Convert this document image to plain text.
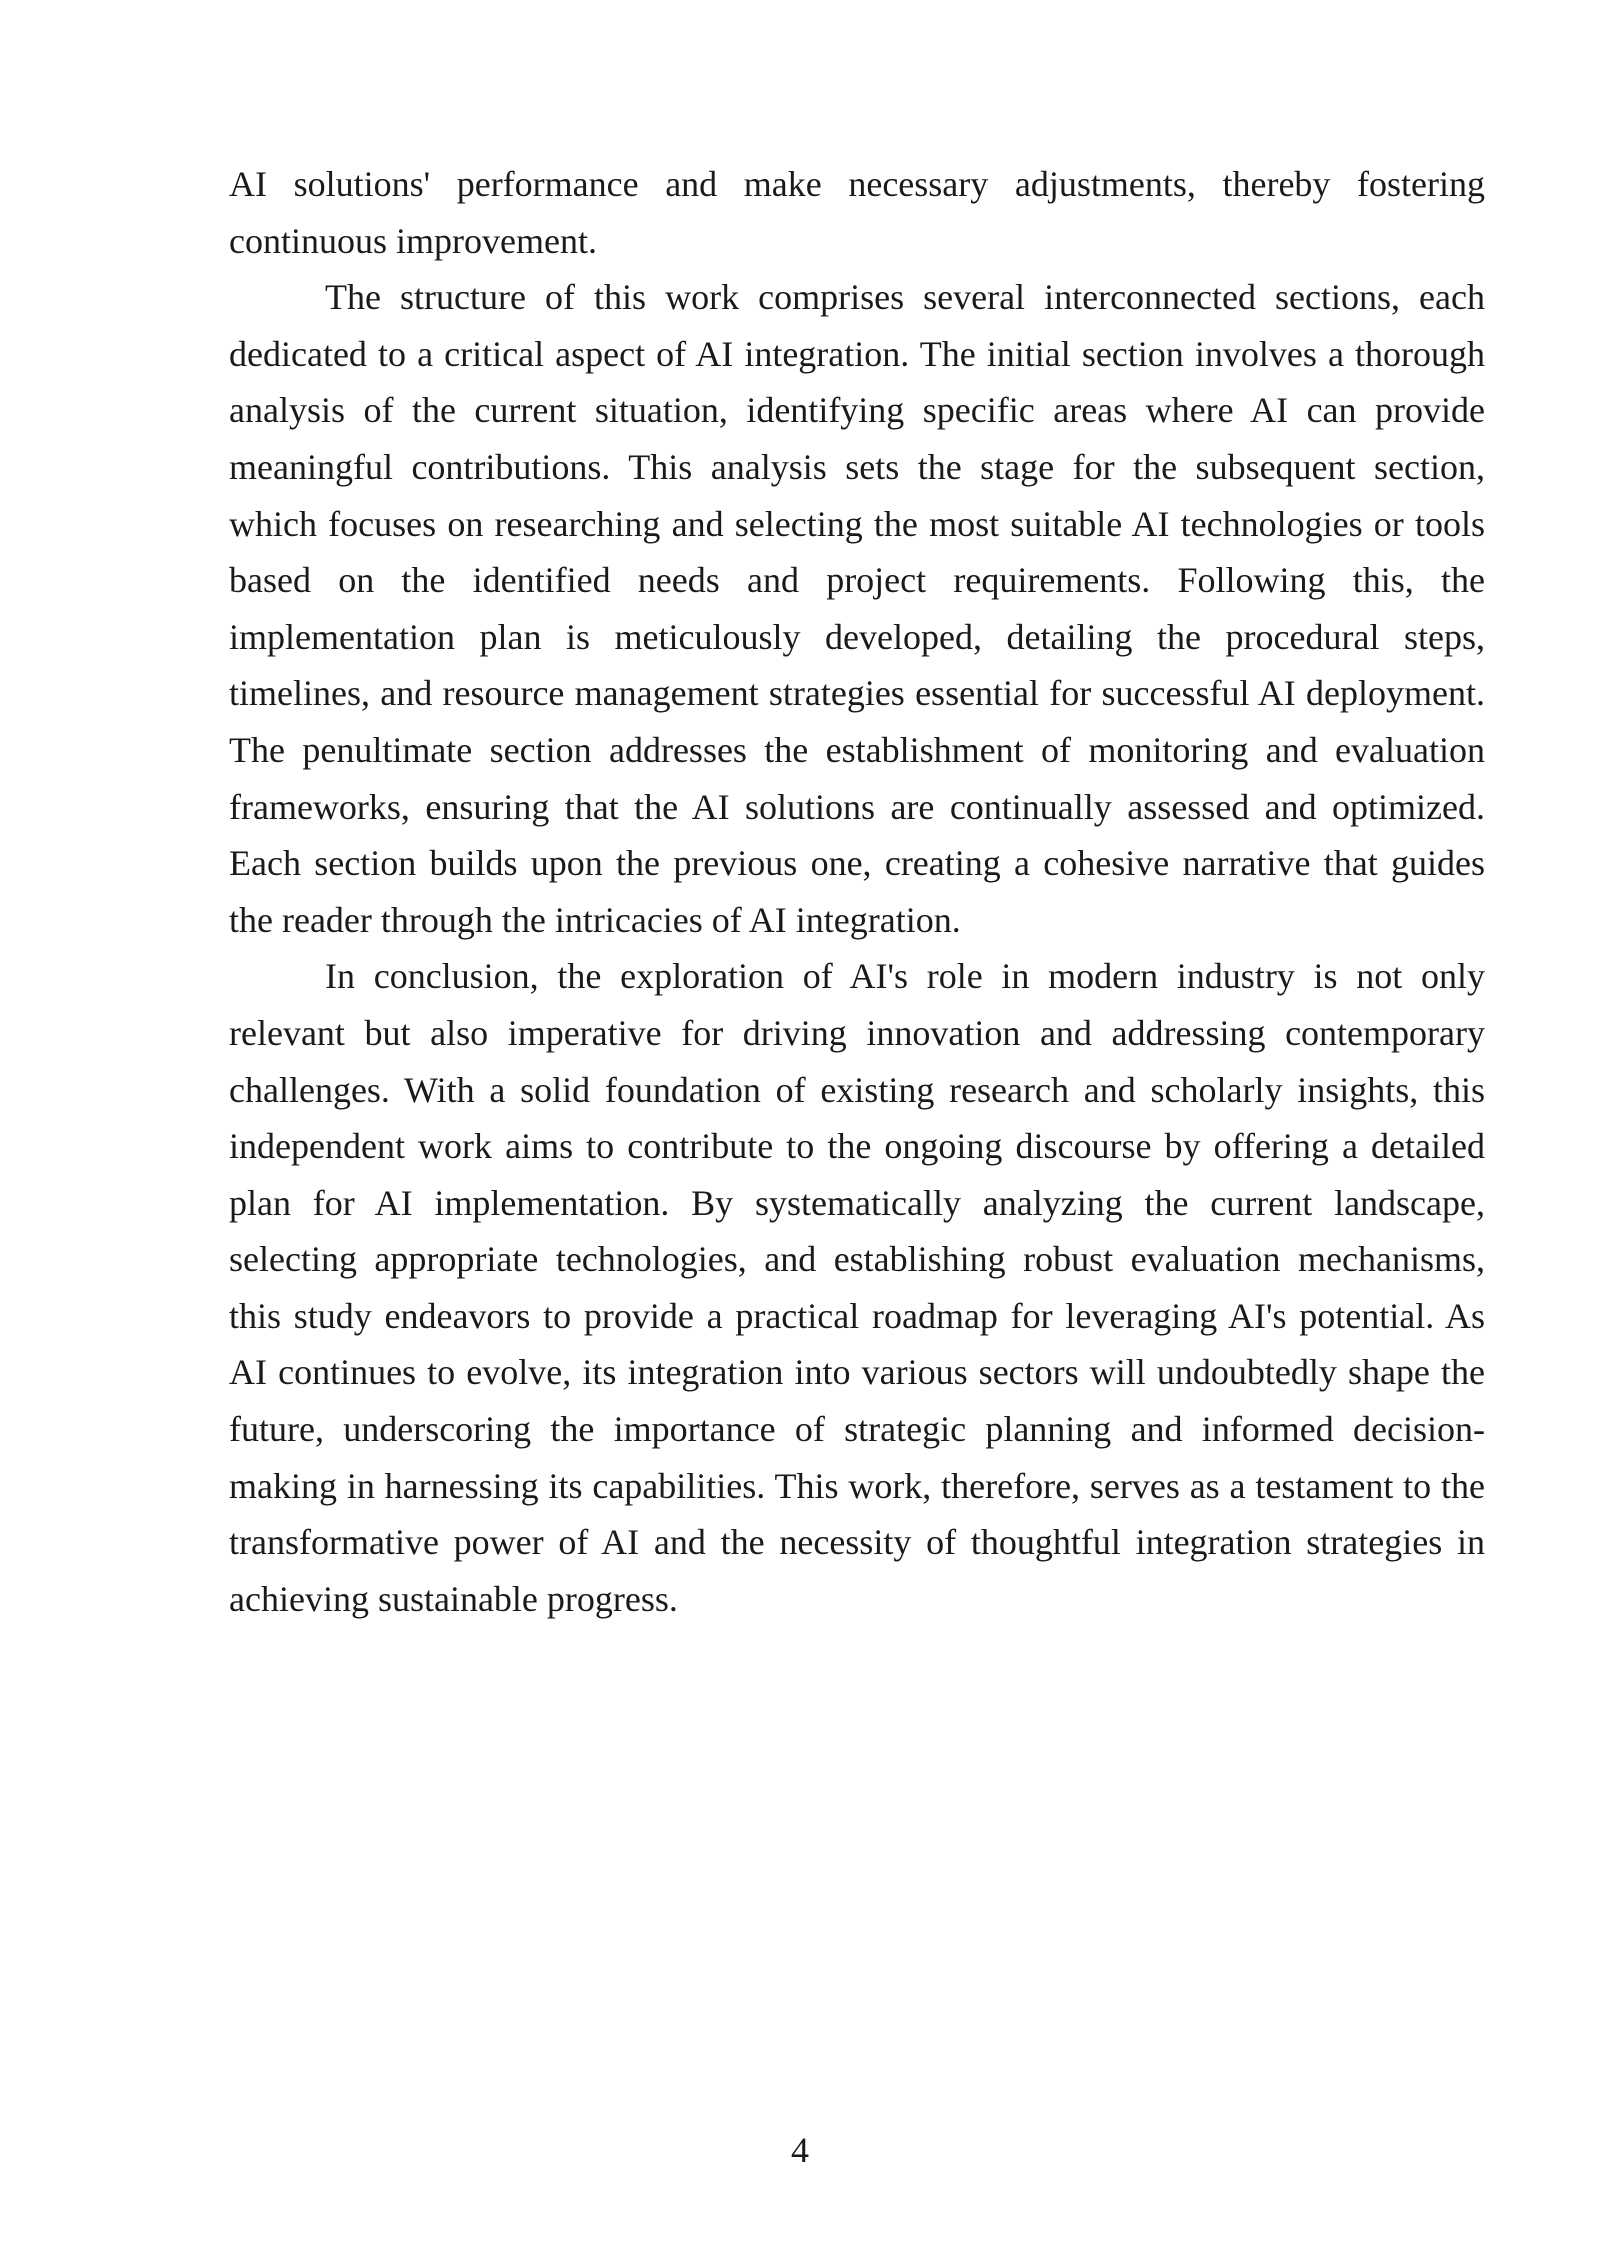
AI solutions' performance and make necessary adjustments, thereby fostering continuous improvement.

The structure of this work comprises several interconnected sections, each dedicated to a critical aspect of AI integration. The initial section involves a thorough analysis of the current situation, identifying specific areas where AI can provide meaningful contributions. This analysis sets the stage for the subsequent section, which focuses on researching and selecting the most suitable AI technologies or tools based on the identified needs and project requirements. Following this, the implementation plan is meticulously developed, detailing the procedural steps, timelines, and resource management strategies essential for successful AI deployment. The penultimate section addresses the establishment of monitoring and evaluation frameworks, ensuring that the AI solutions are continually assessed and optimized. Each section builds upon the previous one, creating a cohesive narrative that guides the reader through the intricacies of AI integration.

In conclusion, the exploration of AI's role in modern industry is not only relevant but also imperative for driving innovation and addressing contemporary challenges. With a solid foundation of existing research and scholarly insights, this independent work aims to contribute to the ongoing discourse by offering a detailed plan for AI implementation. By systematically analyzing the current landscape, selecting appropriate technologies, and establishing robust evaluation mechanisms, this study endeavors to provide a practical roadmap for leveraging AI's potential. As AI continues to evolve, its integration into various sectors will undoubtedly shape the future, underscoring the importance of strategic planning and informed decision-making in harnessing its capabilities. This work, therefore, serves as a testament to the transformative power of AI and the necessity of thoughtful integration strategies in achieving sustainable progress.

4
